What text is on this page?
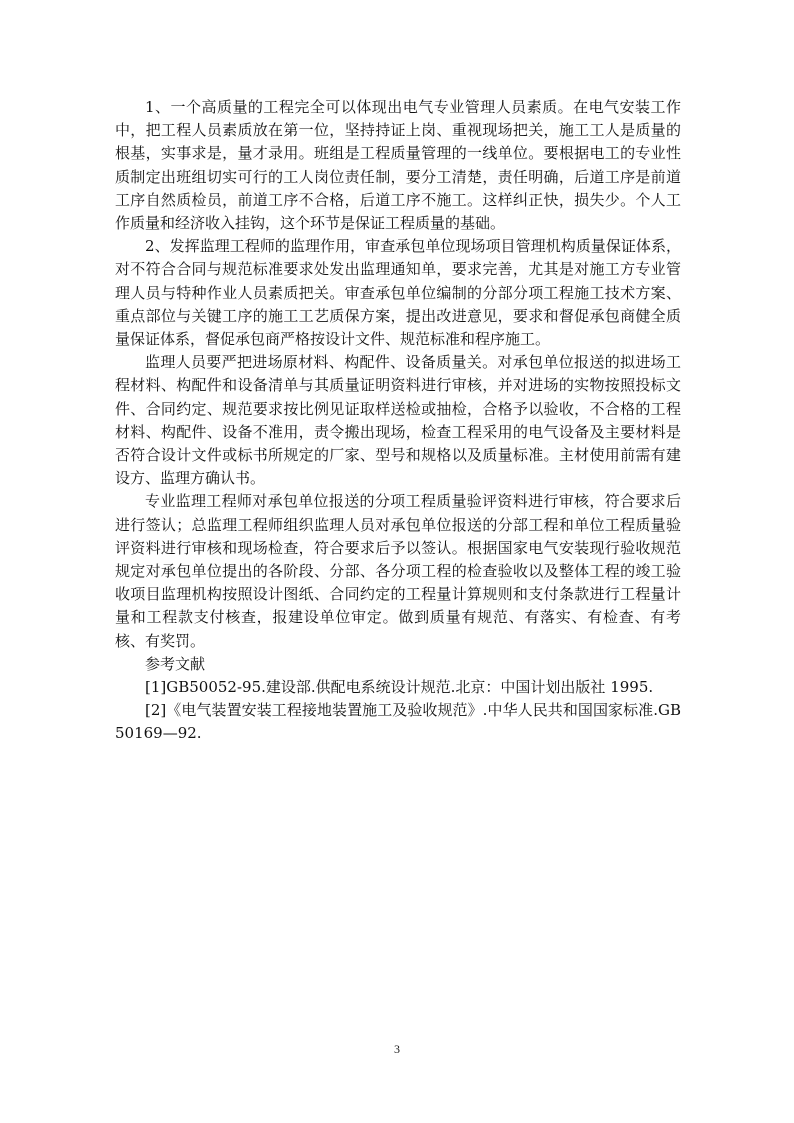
1、一个高质量的工程完全可以体现出电气专业管理人员素质。在电气安装工作中，把工程人员素质放在第一位，坚持持证上岗、重视现场把关，施工工人是质量的根基，实事求是，量才录用。班组是工程质量管理的一线单位。要根据电工的专业性质制定出班组切实可行的工人岗位责任制，要分工清楚，责任明确，后道工序是前道工序自然质检员，前道工序不合格，后道工序不施工。这样纠正快，损失少。个人工作质量和经济收入挂钩，这个环节是保证工程质量的基础。

2、发挥监理工程师的监理作用，审查承包单位现场项目管理机构质量保证体系，对不符合合同与规范标准要求处发出监理通知单，要求完善，尤其是对施工方专业管理人员与特种作业人员素质把关。审查承包单位编制的分部分项工程施工技术方案、重点部位与关键工序的施工工艺质保方案，提出改进意见，要求和督促承包商健全质量保证体系，督促承包商严格按设计文件、规范标准和程序施工。

监理人员要严把进场原材料、构配件、设备质量关。对承包单位报送的拟进场工程材料、构配件和设备清单与其质量证明资料进行审核，并对进场的实物按照投标文件、合同约定、规范要求按比例见证取样送检或抽检，合格予以验收，不合格的工程材料、构配件、设备不准用，责令搬出现场，检查工程采用的电气设备及主要材料是否符合设计文件或标书所规定的厂家、型号和规格以及质量标准。主材使用前需有建设方、监理方确认书。

专业监理工程师对承包单位报送的分项工程质量验评资料进行审核，符合要求后进行签认；总监理工程师组织监理人员对承包单位报送的分部工程和单位工程质量验评资料进行审核和现场检查，符合要求后予以签认。根据国家电气安装现行验收规范规定对承包单位提出的各阶段、分部、各分项工程的检查验收以及整体工程的竣工验收项目监理机构按照设计图纸、合同约定的工程量计算规则和支付条款进行工程量计量和工程款支付核查，报建设单位审定。做到质量有规范、有落实、有检查、有考核、有奖罚。

参考文献

[1]GB50052-95.建设部.供配电系统设计规范.北京：中国计划出版社 1995.

[2]《电气装置安装工程接地装置施工及验收规范》.中华人民共和国国家标准.GB50169—92.

3
